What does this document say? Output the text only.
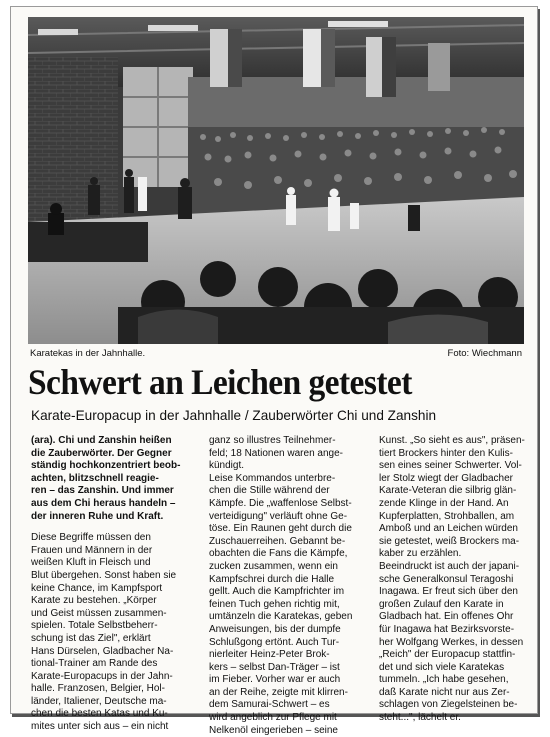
Karatekas in der Jahnhalle.	Foto: Wiechmann
Schwert an Leichen getestet
Karate-Europacup in der Jahnhalle / Zauberwörter Chi und Zanshin
(ara). Chi und Zanshin heißen
die Zauberwörter. Der Gegner
ständig hochkonzentriert beob-
achten, blitzschnell reagie-
ren – das Zanshin. Und immer
aus dem Chi heraus handeln –
der inneren Ruhe und Kraft.
Diese Begriffe müssen den
Frauen und Männern in der
weißen Kluft in Fleisch und
Blut übergehen. Sonst haben sie
keine Chance, im Kampfsport
Karate zu bestehen. „Körper
und Geist müssen zusammen-
spielen. Totale Selbstbeherr-
schung ist das Ziel", erklärt
Hans Dürselen, Gladbacher Na-
tional-Trainer am Rande des
Karate-Europacups in der Jahn-
halle. Franzosen, Belgier, Hol-
länder, Italiener, Deutsche ma-
chen die besten Katas und Ku-
mites unter sich aus – ein nicht
ganz so illustres Teilnehmer-
feld; 18 Nationen waren ange-
kündigt.
Leise Kommandos unterbre-
chen die Stille während der
Kämpfe. Die „waffenlose Selbst-
verteidigung" verläuft ohne Ge-
töse. Ein Raunen geht durch die
Zuschauerreihen. Gebannt be-
obachten die Fans die Kämpfe,
zucken zusammen, wenn ein
Kampfschrei durch die Halle
gellt. Auch die Kampfrichter im
feinen Tuch gehen richtig mit,
umtänzeln die Karatekas, geben
Anweisungen, bis der dumpfe
Schlußgong ertönt. Auch Tur-
nierleiter Heinz-Peter Brok-
kers – selbst Dan-Träger – ist
im Fieber. Vorher war er auch
an der Reihe, zeigte mit klirren-
dem Samurai-Schwert – es
wird angeblich zur Pflege mit
Nelkenöl eingerieben – seine
Kunst. „So sieht es aus", präsen-
tiert Brockers hinter den Kulis-
sen eines seiner Schwerter. Vol-
ler Stolz wiegt der Gladbacher
Karate-Veteran die silbrig glän-
zende Klinge in der Hand. An
Kupferplatten, Strohballen, am
Amboß und an Leichen würden
sie getestet, weiß Brockers ma-
kaber zu erzählen.
Beeindruckt ist auch der japani-
sche Generalkonsul Teragoshi
Inagawa. Er freut sich über den
großen Zulauf den Karate in
Gladbach hat. Ein offenes Ohr
für Inagawa hat Bezirksvorste-
her Wolfgang Werkes, in dessen
„Reich" der Europacup stattfin-
det und sich viele Karatekas
tummeln. „Ich habe gesehen,
daß Karate nicht nur aus Zer-
schlagen von Ziegelsteinen be-
steht...", lächelt er.
